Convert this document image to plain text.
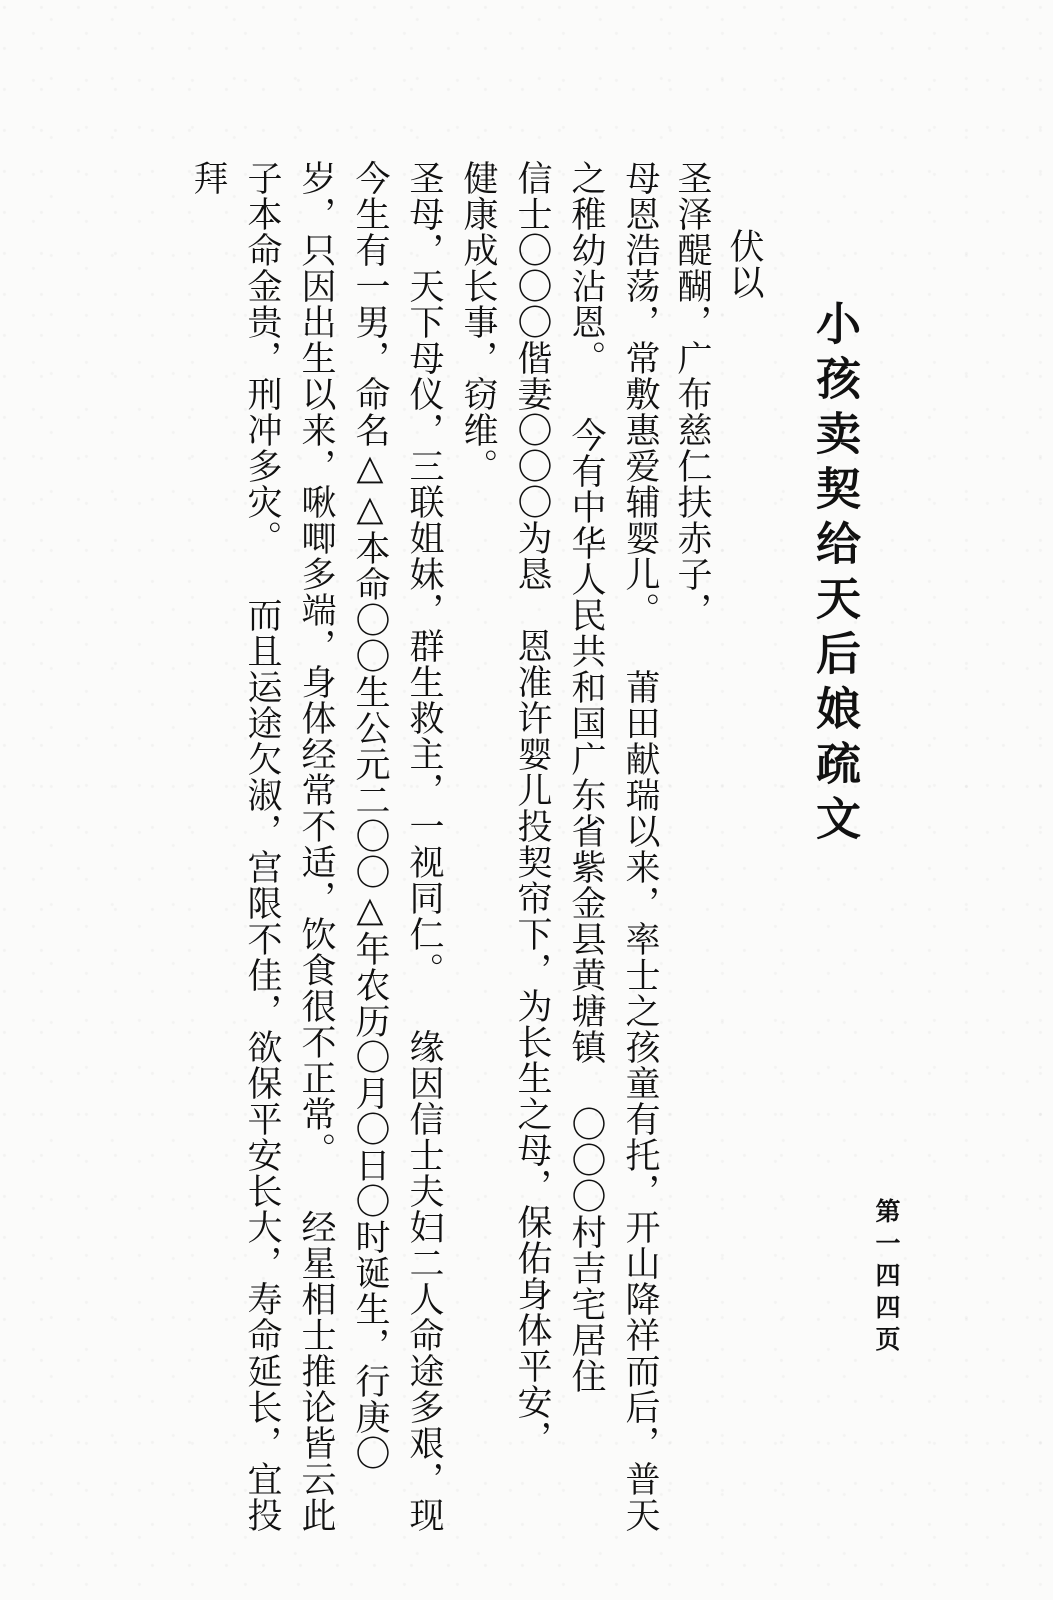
小孩卖契给天后娘疏文
第一四四页
伏以
圣泽醍醐，广布慈仁扶赤子，
母恩浩荡，常敷惠爱辅婴儿。 莆田献瑞以来，率士之孩童有托，开山降祥而后，普天
之稚幼沾恩。 今有中华人民共和国广东省紫金县黄塘镇 〇〇〇村吉宅居住
信士〇〇〇偕妻〇〇〇为恳　恩准许婴儿投契帘下，为长生之母，保佑身体平安，
健康成长事，窃维。
圣母，天下母仪，三联姐妹，群生救主，一视同仁。 缘因信士夫妇二人命途多艰，现
今生有一男，命名△△本命〇〇生公元二〇〇△年农历〇月〇日〇时诞生，行庚〇
岁，只因出生以来，啾唧多端，身体经常不适，饮食很不正常。 经星相士推论皆云此
子本命金贵，刑冲多灾。 而且运途欠淑，宫限不佳，欲保平安长大，寿命延长，宜投
拜
